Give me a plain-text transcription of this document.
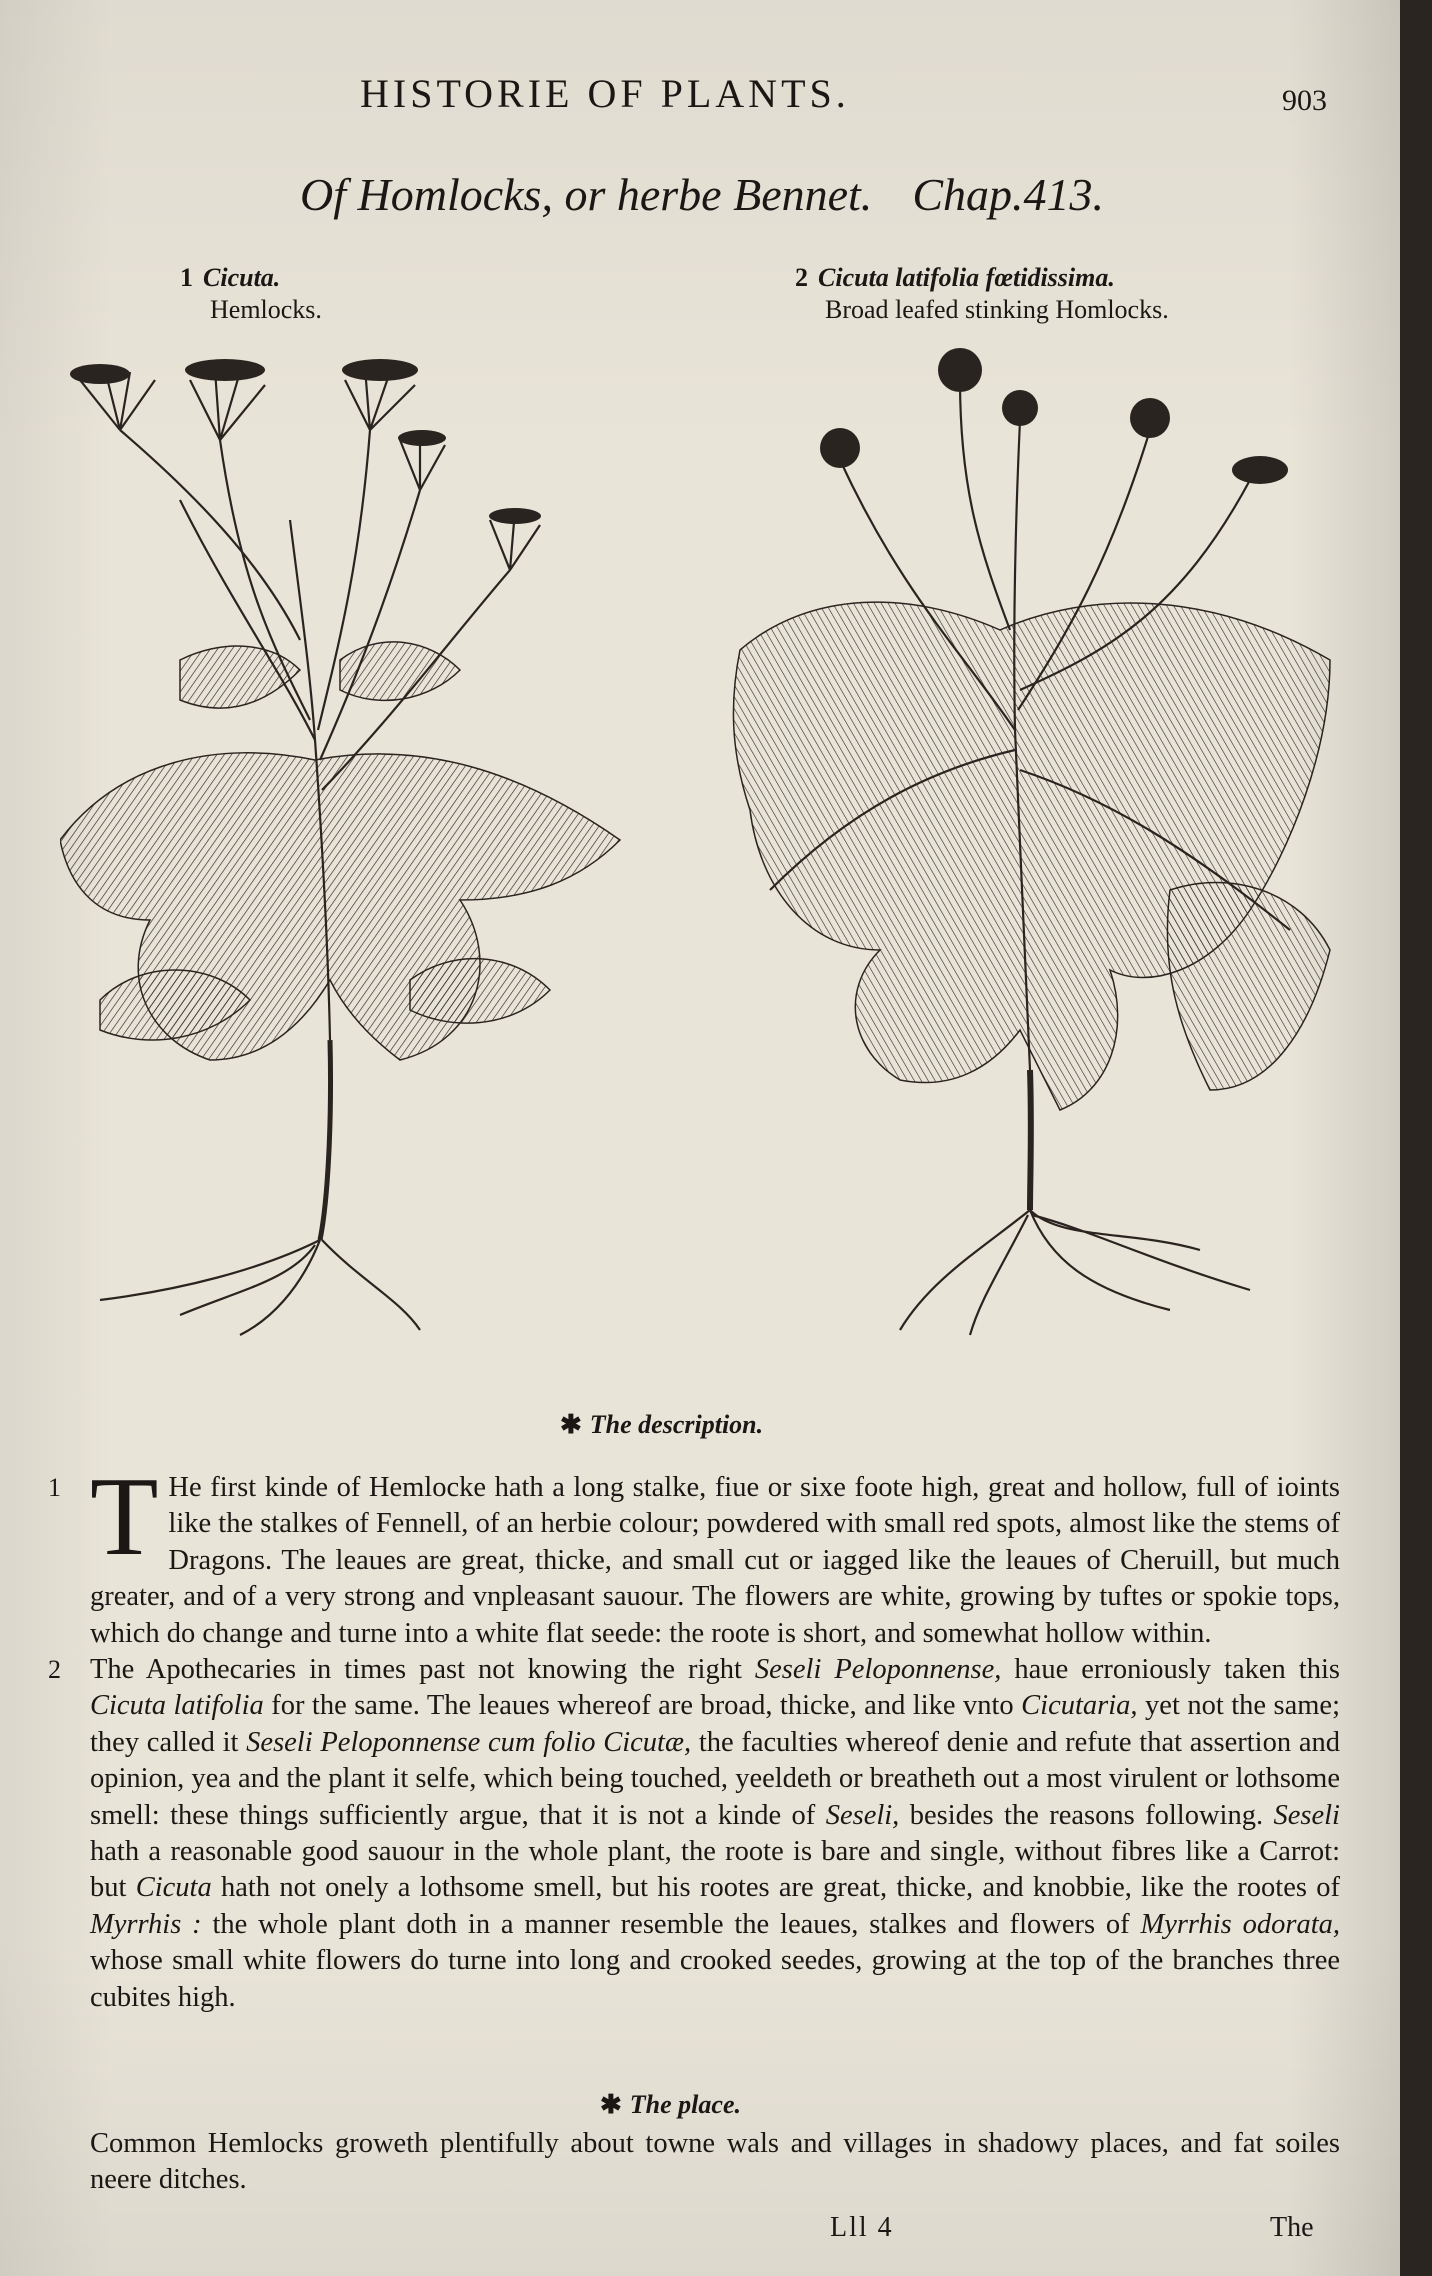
HISTORIE OF PLANTS.	903
Of Homlocks, or herbe Bennet. Chap.413.
1 Cicuta.
Hemlocks.
2 Cicuta latifolia fœtidissima.
Broad leafed stinking Homlocks.
✱ The description.

1 T He first kinde of Hemlocke hath a long stalke, fiue or sixe foote high, great and hollow, full of ioints like the stalkes of Fennell, of an herbie colour; powdered with small red spots, almost like the stems of Dragons. The leaues are great, thicke, and small cut or iagged like the leaues of Cheruill, but much greater, and of a very strong and vnpleasant sauour. The flowers are white, growing by tuftes or spokie tops, which do change and turne into a white flat seede: the roote is short, and somewhat hollow within.

2 The Apothecaries in times past not knowing the right Seseli Peloponnense, haue erroniously taken this Cicuta latifolia for the same. The leaues whereof are broad, thicke, and like vnto Cicutaria, yet not the same; they called it Seseli Peloponnense cum folio Cicutæ, the faculties whereof denie and refute that assertion and opinion, yea and the plant it selfe, which being touched, yeeldeth or breatheth out a most virulent or lothsome smell: these things sufficiently argue, that it is not a kinde of Seseli, besides the reasons following. Seseli hath a reasonable good sauour in the whole plant, the roote is bare and single, without fibres like a Carrot: but Cicuta hath not onely a lothsome smell, but his rootes are great, thicke, and knobbie, like the rootes of Myrrhis : the whole plant doth in a manner resemble the leaues, stalkes and flowers of Myrrhis odorata, whose small white flowers do turne into long and crooked seedes, growing at the top of the branches three cubites high.

✱ The place.

Common Hemlocks groweth plentifully about towne wals and villages in shadowy places, and fat soiles neere ditches.

Lll 4	The
